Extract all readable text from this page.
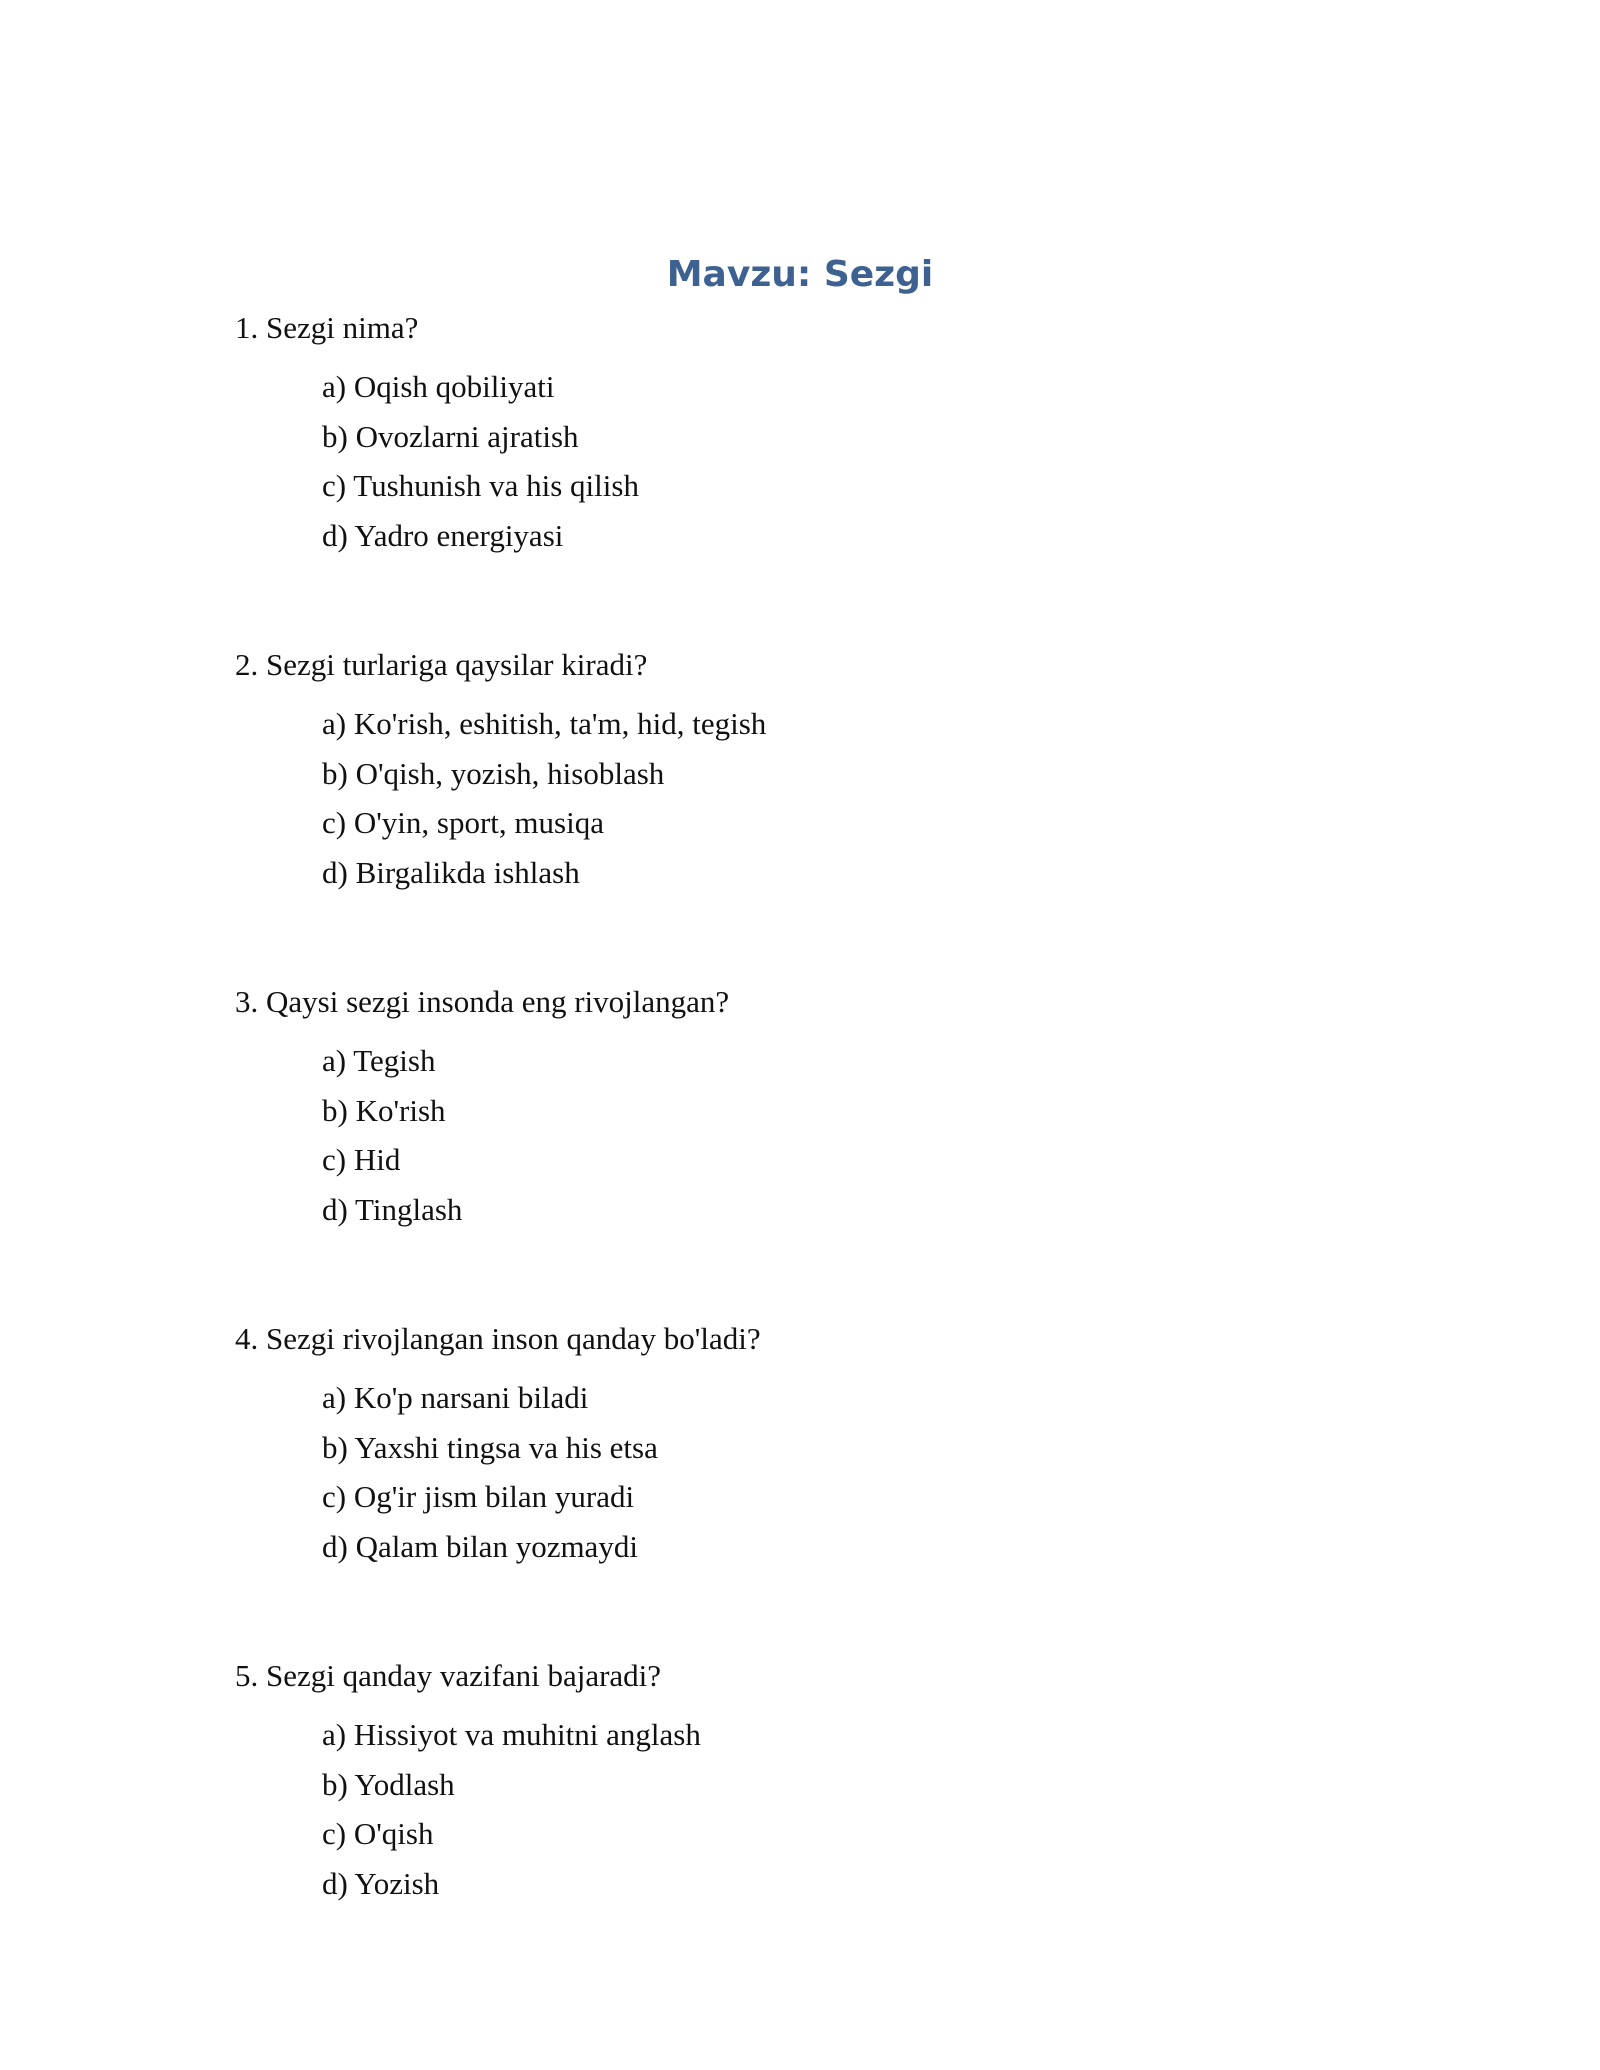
Mavzu: Sezgi

1. Sezgi nima?

a) Oqish qobiliyati
b) Ovozlarni ajratish
c) Tushunish va his qilish
d) Yadro energiyasi

2. Sezgi turlariga qaysilar kiradi?

a) Ko'rish, eshitish, ta'm, hid, tegish
b) O'qish, yozish, hisoblash
c) O'yin, sport, musiqa
d) Birgalikda ishlash

3. Qaysi sezgi insonda eng rivojlangan?

a) Tegish
b) Ko'rish
c) Hid
d) Tinglash

4. Sezgi rivojlangan inson qanday bo'ladi?

a) Ko'p narsani biladi
b) Yaxshi tingsa va his etsa
c) Og'ir jism bilan yuradi
d) Qalam bilan yozmaydi

5. Sezgi qanday vazifani bajaradi?

a) Hissiyot va muhitni anglash
b) Yodlash
c) O'qish
d) Yozish
